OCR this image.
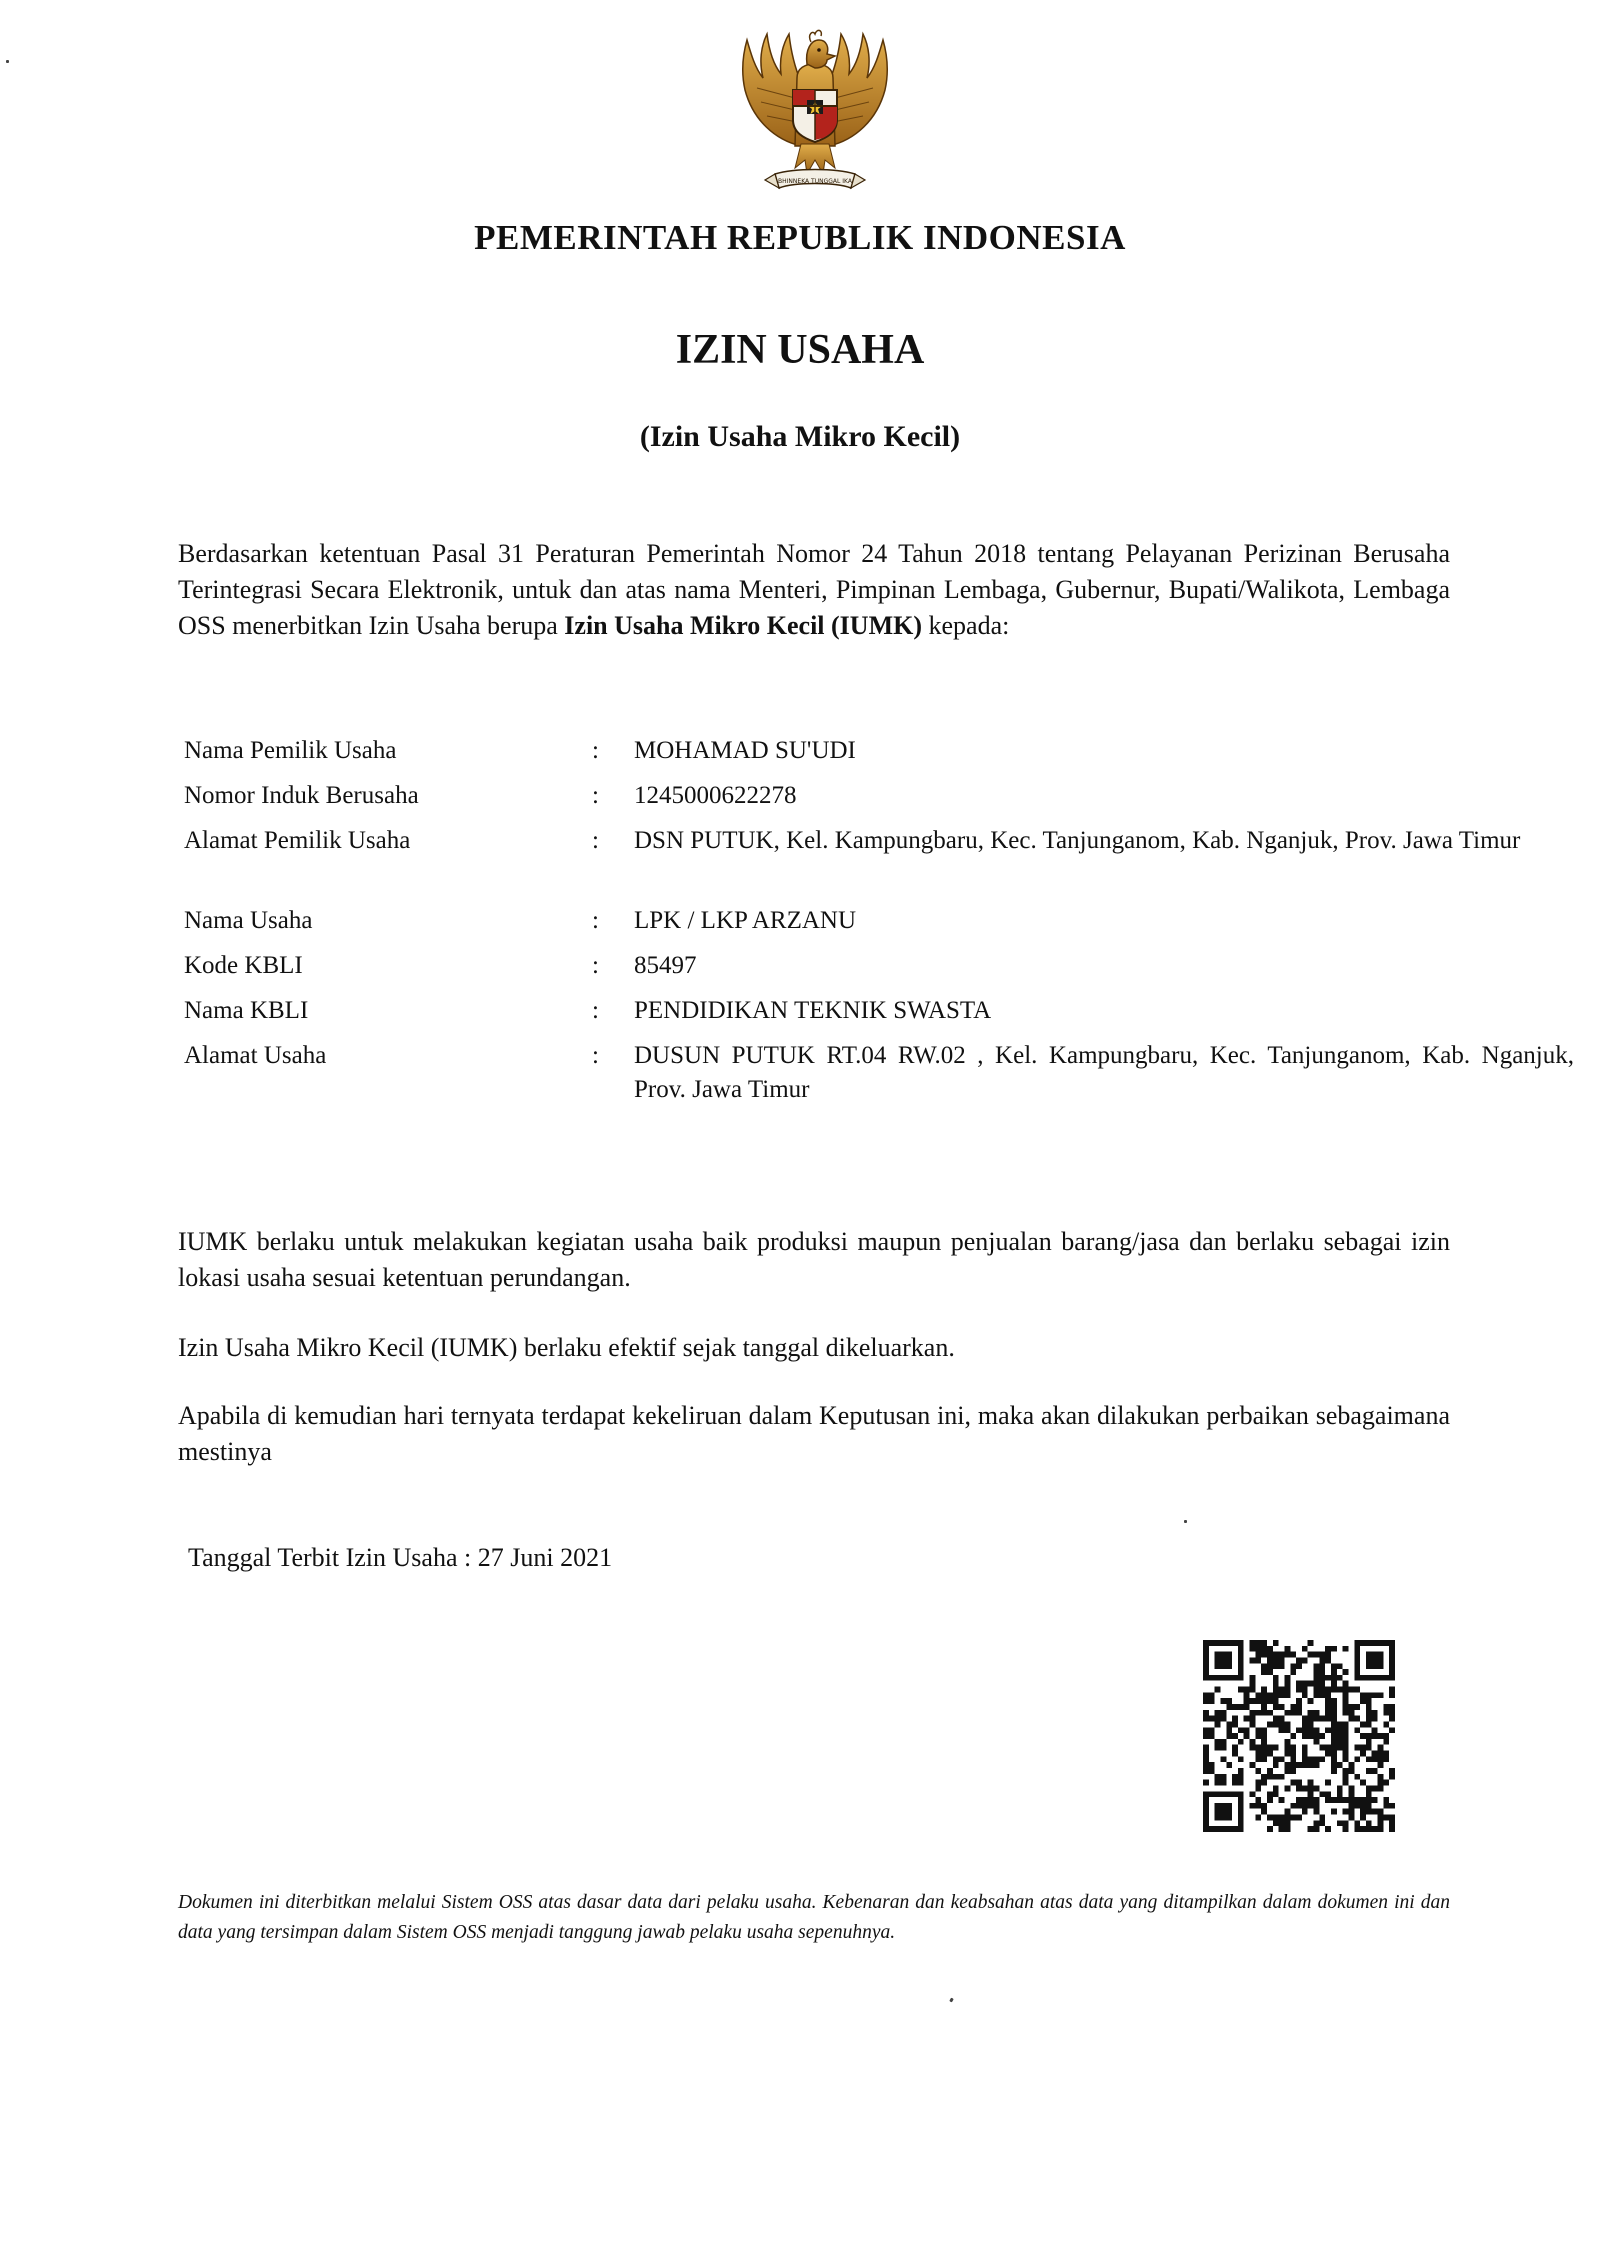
BHINNEKA TUNGGAL IKA
PEMERINTAH REPUBLIK INDONESIA
IZIN USAHA
(Izin Usaha Mikro Kecil)

Berdasarkan ketentuan Pasal 31 Peraturan Pemerintah Nomor 24 Tahun 2018 tentang Pelayanan Perizinan Berusaha Terintegrasi Secara Elektronik, untuk dan atas nama Menteri, Pimpinan Lembaga, Gubernur, Bupati/Walikota, Lembaga OSS menerbitkan Izin Usaha berupa Izin Usaha Mikro Kecil (IUMK) kepada:

Nama Pemilik Usaha	: MOHAMAD SU'UDI
Nomor Induk Berusaha	: 1245000622278
Alamat Pemilik Usaha	: DSN PUTUK, Kel. Kampungbaru, Kec. Tanjunganom, Kab. Nganjuk, Prov. Jawa Timur
Nama Usaha	: LPK / LKP ARZANU
Kode KBLI	: 85497
Nama KBLI	: PENDIDIKAN TEKNIK SWASTA
Alamat Usaha	: DUSUN PUTUK RT.04 RW.02 , Kel. Kampungbaru, Kec. Tanjunganom, Kab. Nganjuk, Prov. Jawa Timur

IUMK berlaku untuk melakukan kegiatan usaha baik produksi maupun penjualan barang/jasa dan berlaku sebagai izin lokasi usaha sesuai ketentuan perundangan.

Izin Usaha Mikro Kecil (IUMK) berlaku efektif sejak tanggal dikeluarkan.

Apabila di kemudian hari ternyata terdapat kekeliruan dalam Keputusan ini, maka akan dilakukan perbaikan sebagaimana mestinya

Tanggal Terbit Izin Usaha : 27 Juni 2021

Dokumen ini diterbitkan melalui Sistem OSS atas dasar data dari pelaku usaha. Kebenaran dan keabsahan atas data yang ditampilkan dalam dokumen ini dan data yang tersimpan dalam Sistem OSS menjadi tanggung jawab pelaku usaha sepenuhnya.
